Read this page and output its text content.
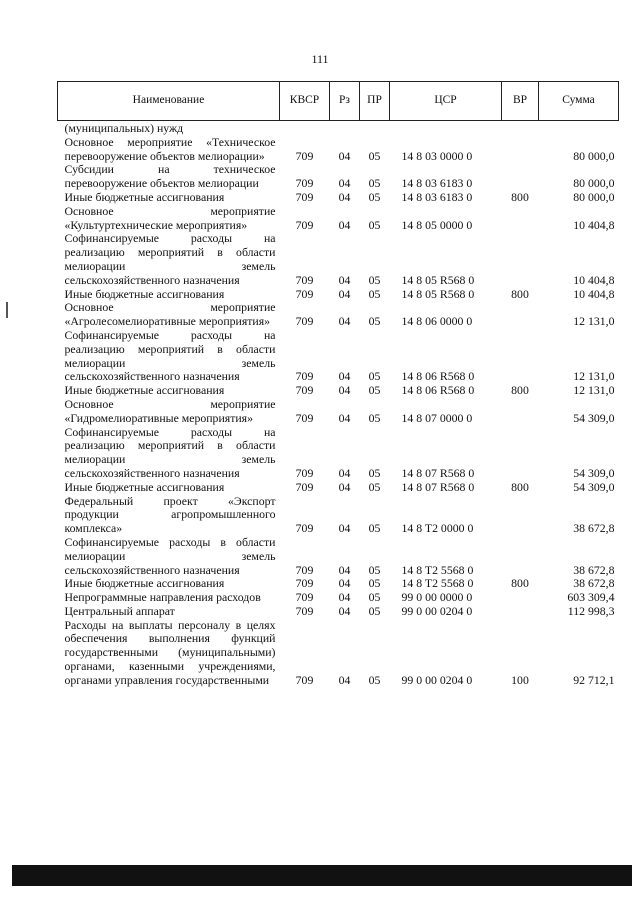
111
Наименование	КВСР	Рз	ПР	ЦСР	ВР	Сумма
(муниципальных) нужд						
Основное мероприятие «Техническое перевооружение объектов мелиорации»	709	04	05	14 8 03 0000 0		80 000,0
Субсидии на техническое перевооружение объектов мелиорации	709	04	05	14 8 03 6183 0		80 000,0
Иные бюджетные ассигнования	709	04	05	14 8 03 6183 0	800	80 000,0
Основное мероприятие «Культуртехнические мероприятия»	709	04	05	14 8 05 0000 0		10 404,8
Софинансируемые расходы на реализацию мероприятий в области мелиорации земель сельскохозяйственного назначения	709	04	05	14 8 05 R568 0		10 404,8
Иные бюджетные ассигнования	709	04	05	14 8 05 R568 0	800	10 404,8
Основное мероприятие «Агролесомелиоративные мероприятия»	709	04	05	14 8 06 0000 0		12 131,0
Софинансируемые расходы на реализацию мероприятий в области мелиорации земель сельскохозяйственного назначения	709	04	05	14 8 06 R568 0		12 131,0
Иные бюджетные ассигнования	709	04	05	14 8 06 R568 0	800	12 131,0
Основное мероприятие «Гидромелиоративные мероприятия»	709	04	05	14 8 07 0000 0		54 309,0
Софинансируемые расходы на реализацию мероприятий в области мелиорации земель сельскохозяйственного назначения	709	04	05	14 8 07 R568 0		54 309,0
Иные бюджетные ассигнования	709	04	05	14 8 07 R568 0	800	54 309,0
Федеральный проект «Экспорт продукции агропромышленного комплекса»	709	04	05	14 8 T2 0000 0		38 672,8
Софинансируемые расходы в области мелиорации земель сельскохозяйственного назначения	709	04	05	14 8 T2 5568 0		38 672,8
Иные бюджетные ассигнования	709	04	05	14 8 T2 5568 0	800	38 672,8
Непрограммные направления расходов	709	04	05	99 0 00 0000 0		603 309,4
Центральный аппарат	709	04	05	99 0 00 0204 0		112 998,3
Расходы на выплаты персоналу в целях обеспечения выполнения функций государственными (муниципальными) органами, казенными учреждениями, органами управления государственными	709	04	05	99 0 00 0204 0	100	92 712,1
